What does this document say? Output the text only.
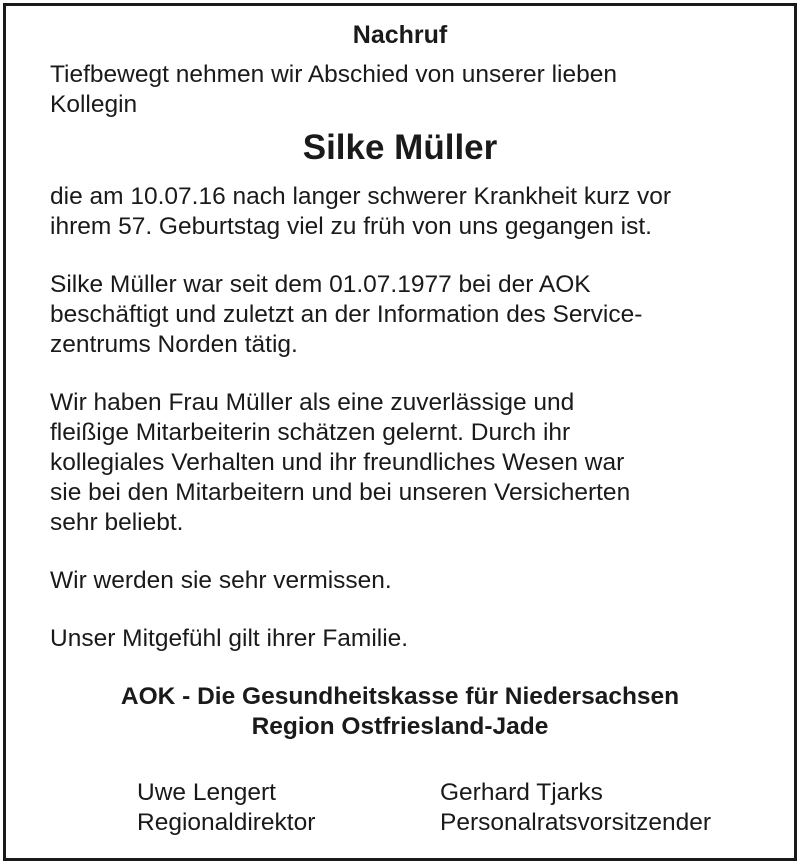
Nachruf
Tiefbewegt nehmen wir Abschied von unserer lieben
Kollegin
Silke Müller
die am 10.07.16 nach langer schwerer Krankheit kurz vor
ihrem 57. Geburtstag viel zu früh von uns gegangen ist.
Silke Müller war seit dem 01.07.1977 bei der AOK
beschäftigt und zuletzt an der Information des Service-
zentrums Norden tätig.
Wir haben Frau Müller als eine zuverlässige und
fleißige Mitarbeiterin schätzen gelernt. Durch ihr
kollegiales Verhalten und ihr freundliches Wesen war
sie bei den Mitarbeitern und bei unseren Versicherten
sehr beliebt.
Wir werden sie sehr vermissen.
Unser Mitgefühl gilt ihrer Familie.
AOK - Die Gesundheitskasse für Niedersachsen
Region Ostfriesland-Jade
Uwe Lengert
Regionaldirektor
Gerhard Tjarks
Personalratsvorsitzender
